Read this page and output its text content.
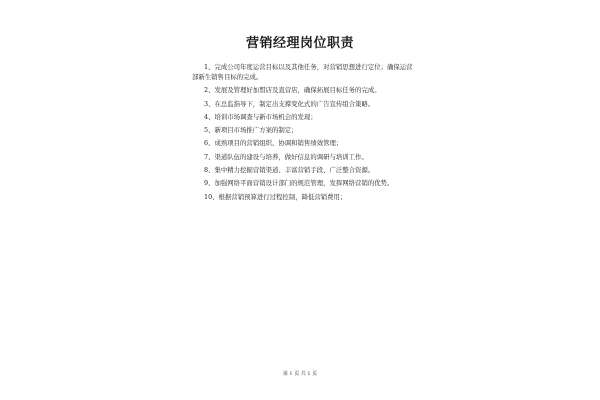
营销经理岗位职责
1、完成公司年度运营目标以及其他任务，对营销思想进行定位；确保运营部新生销售目标的完成。
2、发展及管理好加盟店及直营店，确保拓展目标任务的完成。
3、在总监指导下，制定出支撑变化式的广告宣传组合策略。
4、培训市场调查与新市场机会的发现；
5、新项目市场推广方案的制定；
6、成熟项目的营销组织、协调和销售绩效管理；
7、渠道队伍的建设与培养，做好信息的调研与培训工作。
8、集中精力挖掘营销渠道、丰富营销手段、广泛整合资源。
9、加强网络平面营销设计部门的规范管理，发挥网络营销的优势。
10、根据营销预算进行过程控制，降低营销费用；
第 1 页 共 1 页
